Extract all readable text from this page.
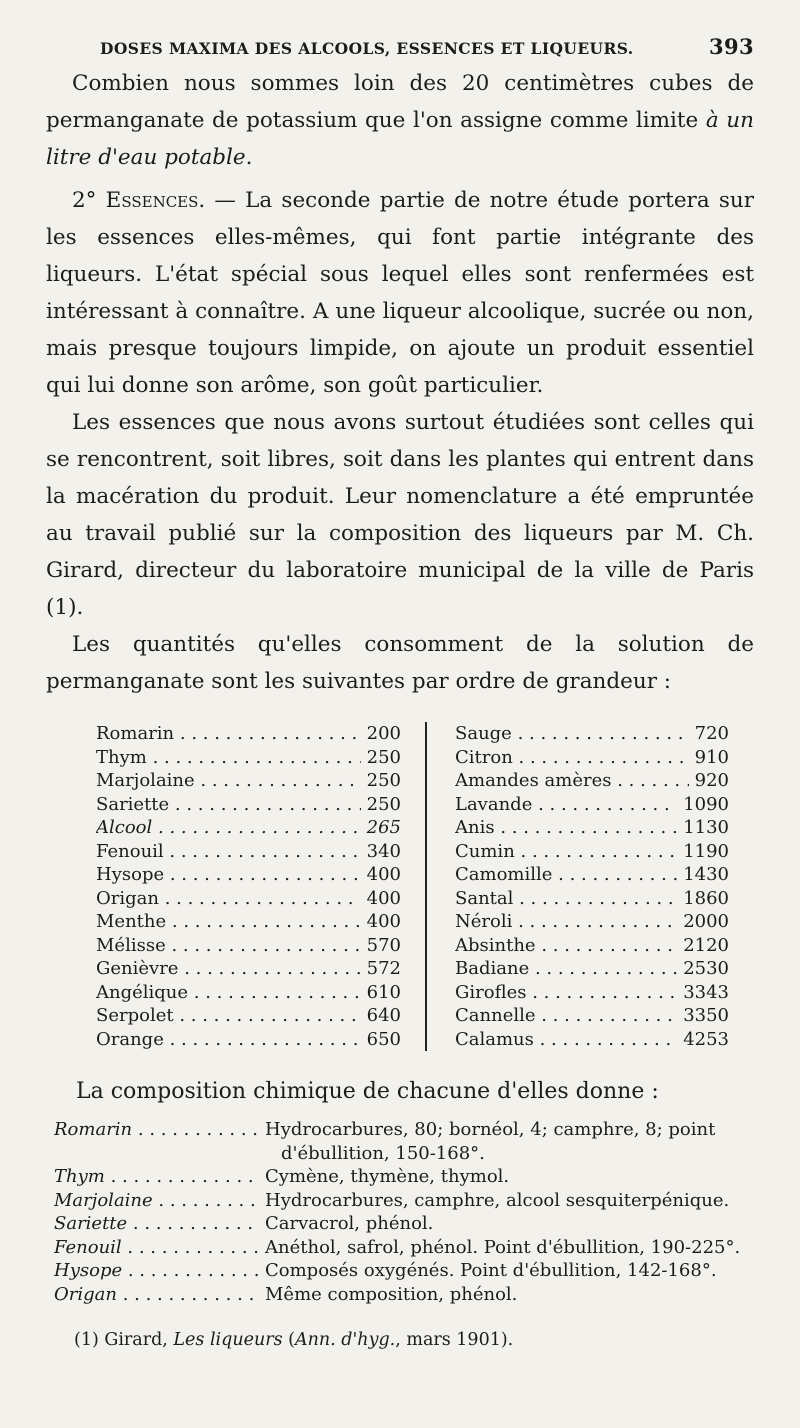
DOSES MAXIMA DES ALCOOLS, ESSENCES ET LIQUEURS.	393

Combien nous sommes loin des 20 centimètres cubes de permanganate de potassium que l'on assigne comme limite à un litre d'eau potable.

2° Essences. — La seconde partie de notre étude portera sur les essences elles-mêmes, qui font partie intégrante des liqueurs. L'état spécial sous lequel elles sont renfermées est intéressant à connaître. A une liqueur alcoolique, sucrée ou non, mais presque toujours limpide, on ajoute un produit essentiel qui lui donne son arôme, son goût particulier.

Les essences que nous avons surtout étudiées sont celles qui se rencontrent, soit libres, soit dans les plantes qui entrent dans la macération du produit. Leur nomenclature a été empruntée au travail publié sur la composition des liqueurs par M. Ch. Girard, directeur du laboratoire municipal de la ville de Paris (1).

Les quantités qu'elles consomment de la solution de permanganate sont les suivantes par ordre de grandeur :

Romarin . . .	200
Thym . . .	250
Marjolaine . . .	250
Sariette . . .	250
Alcool . . .	265
Fenouil . . .	340
Hysope . . .	400
Origan . . .	400
Menthe . . .	400
Mélisse . . .	570
Genièvre . . .	572
Angélique . . .	610
Serpolet . . .	640
Orange . . .	650
Sauge . . .	720
Citron . . .	910
Amandes amères . . .	920
Lavande . . .	1090
Anis . . .	1130
Cumin . . .	1190
Camomille . . .	1430
Santal . . .	1860
Néroli . . .	2000
Absinthe . . .	2120
Badiane . . .	2530
Girofles . . .	3343
Cannelle . . .	3350
Calamus . . .	4253
La composition chimique de chacune d'elles donne :
Romarin . . .	Hydrocarbures, 80; bornéol, 4; camphre, 8; point
d'ébullition, 150-168°.
Thym . . .	Cymène, thymène, thymol.
Marjolaine . . .	Hydrocarbures, camphre, alcool sesquiterpénique.
Sariette . . .	Carvacrol, phénol.
Fenouil . . .	Anéthol, safrol, phénol. Point d'ébullition, 190-225°.
Hysope . . .	Composés oxygénés. Point d'ébullition, 142-168°.
Origan . . .	Même composition, phénol.
(1) Girard, Les liqueurs (Ann. d'hyg., mars 1901).
